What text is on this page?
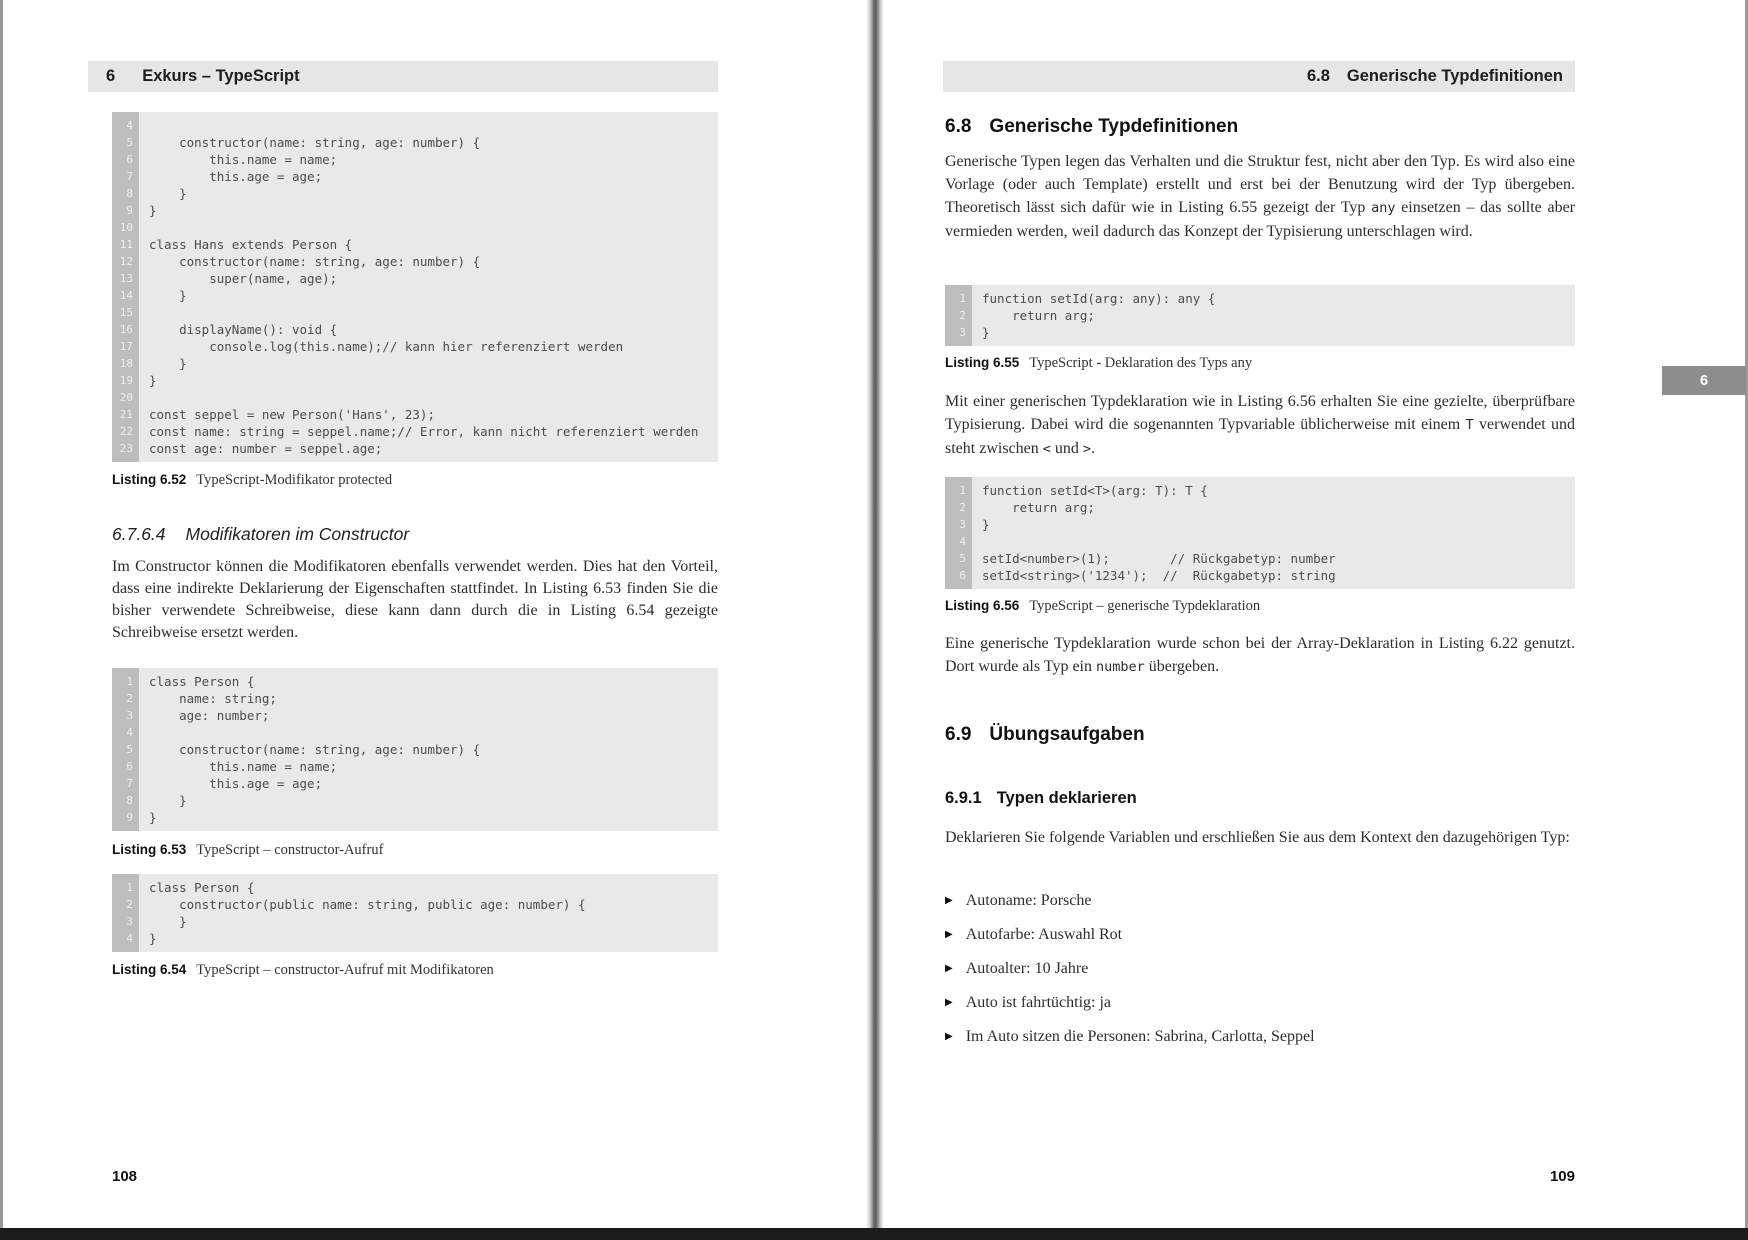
6 Exkurs – TypeScript
4
5	constructor(name: string, age: number) {
6	this.name = name;
7	this.age = age;
8	}
9	}
10
11	class Hans extends Person {
12	constructor(name: string, age: number) {
13	super(name, age);
14	}
15
16	displayName(): void {
17	console.log(this.name);// kann hier referenziert werden
18	}
19	}
20
21	const seppel = new Person('Hans', 23);
22	const name: string = seppel.name;// Error, kann nicht referenziert werden
23	const age: number = seppel.age;
Listing 6.52 TypeScript-Modifikator protected
6.7.6.4 Modifikatoren im Constructor
Im Constructor können die Modifikatoren ebenfalls verwendet werden. Dies hat den Vorteil, dass eine indirekte Deklarierung der Eigenschaften stattfindet. In Listing 6.53 finden Sie die bisher verwendete Schreibweise, diese kann dann durch die in Listing 6.54 gezeigte Schreibweise ersetzt werden.
1	class Person {
2	name: string;
3	age: number;
4
5	constructor(name: string, age: number) {
6	this.name = name;
7	this.age = age;
8	}
9	}
Listing 6.53 TypeScript – constructor-Aufruf
1	class Person {
2	constructor(public name: string, public age: number) {
3	}
4	}
Listing 6.54 TypeScript – constructor-Aufruf mit Modifikatoren
108
6.8 Generische Typdefinitionen
6.8 Generische Typdefinitionen
Generische Typen legen das Verhalten und die Struktur fest, nicht aber den Typ. Es wird also eine Vorlage (oder auch Template) erstellt und erst bei der Benutzung wird der Typ übergeben. Theoretisch lässt sich dafür wie in Listing 6.55 gezeigt der Typ any einsetzen – das sollte aber vermieden werden, weil dadurch das Konzept der Typisierung unterschlagen wird.
1	function setId(arg: any): any {
2	return arg;
3	}
Listing 6.55 TypeScript - Deklaration des Typs any
6
Mit einer generischen Typdeklaration wie in Listing 6.56 erhalten Sie eine gezielte, überprüfbare Typisierung. Dabei wird die sogenannten Typvariable üblicherweise mit einem T verwendet und steht zwischen < und >.
1	function setId<T>(arg: T): T {
2	return arg;
3	}
4
5	setId<number>(1);        // Rückgabetyp: number
6	setId<string>('1234');  //  Rückgabetyp: string
Listing 6.56 TypeScript – generische Typdeklaration
Eine generische Typdeklaration wurde schon bei der Array-Deklaration in Listing 6.22 genutzt. Dort wurde als Typ ein number übergeben.
6.9 Übungsaufgaben
6.9.1 Typen deklarieren
Deklarieren Sie folgende Variablen und erschließen Sie aus dem Kontext den dazugehörigen Typ:
▶ Autoname: Porsche
▶ Autofarbe: Auswahl Rot
▶ Autoalter: 10 Jahre
▶ Auto ist fahrtüchtig: ja
▶ Im Auto sitzen die Personen: Sabrina, Carlotta, Seppel
109
